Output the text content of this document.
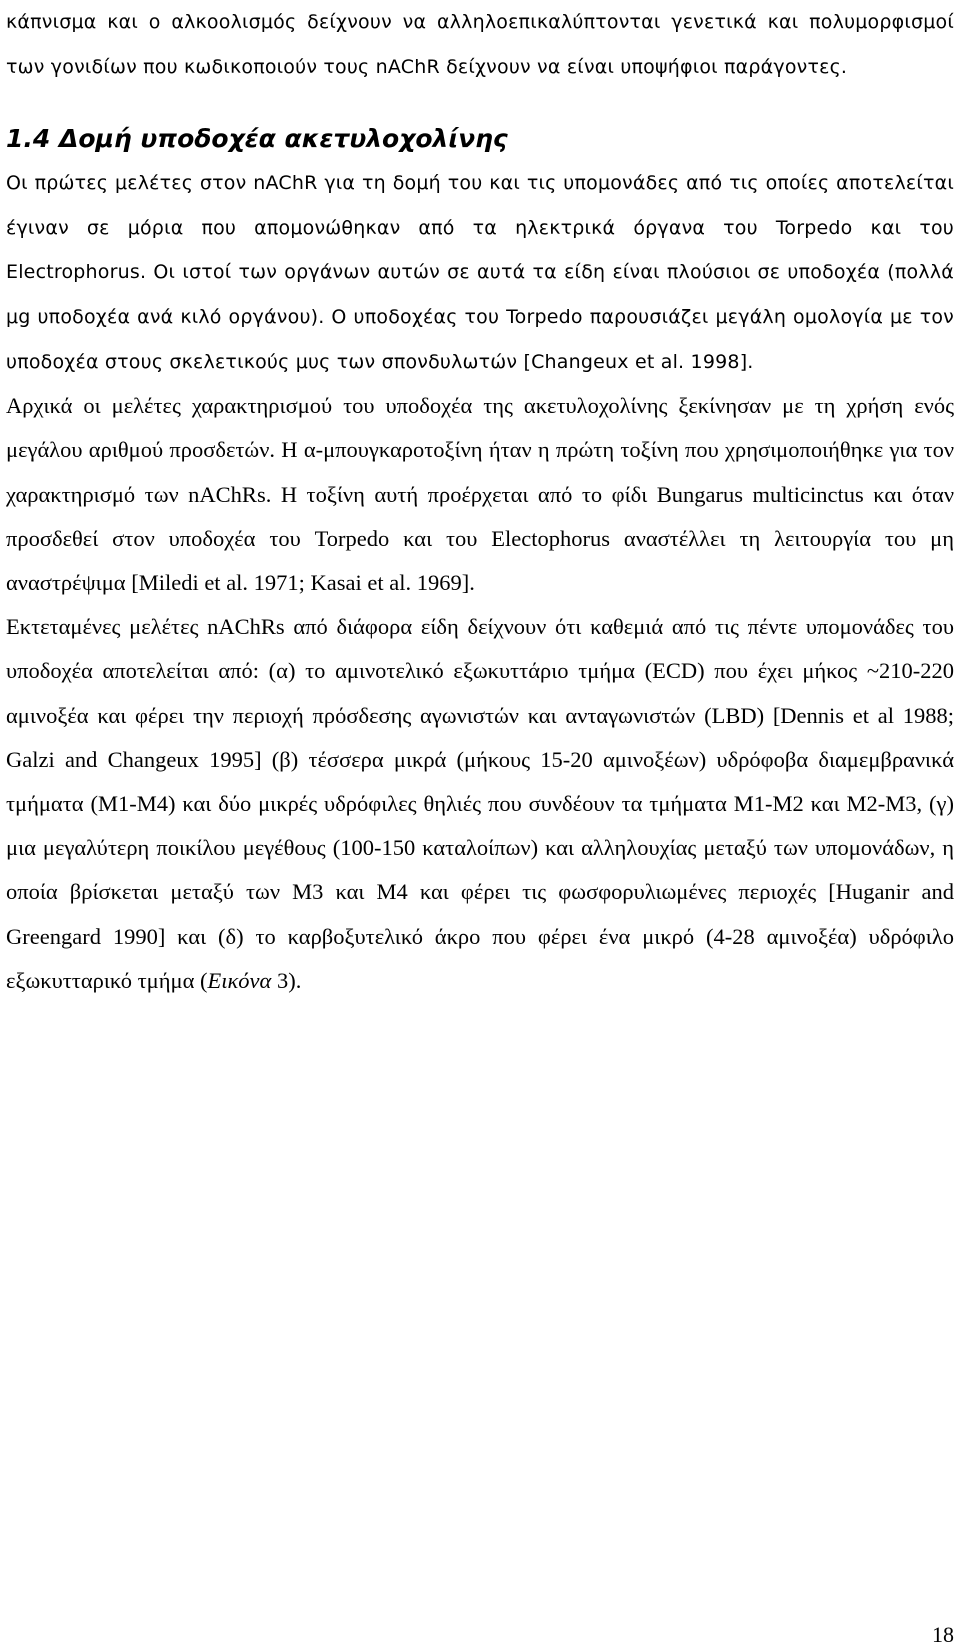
κάπνισμα και ο αλκοολισμός δείχνουν να αλληλοεπικαλύπτονται γενετικά και πολυμορφισμοί των γονιδίων που κωδικοποιούν τους nAChR δείχνουν να είναι υποψήφιοι παράγοντες.

1.4 Δομή υποδοχέα ακετυλοχολίνης

Οι πρώτες μελέτες στον nAChR για τη δομή του και τις υπομονάδες από τις οποίες αποτελείται έγιναν σε μόρια που απομονώθηκαν από τα ηλεκτρικά όργανα του Torpedo και του Electrophorus. Οι ιστοί των οργάνων αυτών σε αυτά τα είδη είναι πλούσιοι σε υποδοχέα (πολλά μg υποδοχέα ανά κιλό οργάνου). Ο υποδοχέας του Torpedo παρουσιάζει μεγάλη ομολογία με τον υποδοχέα στους σκελετικούς μυς των σπονδυλωτών [Changeux et al. 1998].

Αρχικά οι μελέτες χαρακτηρισμού του υποδοχέα της ακετυλοχολίνης ξεκίνησαν με τη χρήση ενός μεγάλου αριθμού προσδετών. Η α-μπουγκαροτοξίνη ήταν η πρώτη τοξίνη που χρησιμοποιήθηκε για τον χαρακτηρισμό των nAChRs. Η τοξίνη αυτή προέρχεται από το φίδι Bungarus multicinctus και όταν προσδεθεί στον υποδοχέα του Torpedo και του Electophorus αναστέλλει τη λειτουργία του μη αναστρέψιμα [Miledi et al. 1971; Kasai et al. 1969].

Εκτεταμένες μελέτες nAChRs από διάφορα είδη δείχνουν ότι καθεμιά από τις πέντε υπομονάδες του υποδοχέα αποτελείται από: (α) το αμινοτελικό εξωκυττάριο τμήμα (ECD) που έχει μήκος ~210-220 αμινοξέα και φέρει την περιοχή πρόσδεσης αγωνιστών και ανταγωνιστών (LBD) [Dennis et al 1988; Galzi and Changeux 1995] (β) τέσσερα μικρά (μήκους 15-20 αμινοξέων) υδρόφοβα διαμεμβρανικά τμήματα (M1-M4) και δύο μικρές υδρόφιλες θηλιές που συνδέουν τα τμήματα M1-M2 και M2-M3, (γ) μια μεγαλύτερη ποικίλου μεγέθους (100-150 καταλοίπων) και αλληλουχίας μεταξύ των υπομονάδων, η οποία βρίσκεται μεταξύ των M3 και M4 και φέρει τις φωσφορυλιωμένες περιοχές [Huganir and Greengard 1990] και (δ) το καρβοξυτελικό άκρο που φέρει ένα μικρό (4-28 αμινοξέα) υδρόφιλο εξωκυτταρικό τμήμα (Εικόνα 3).

18
